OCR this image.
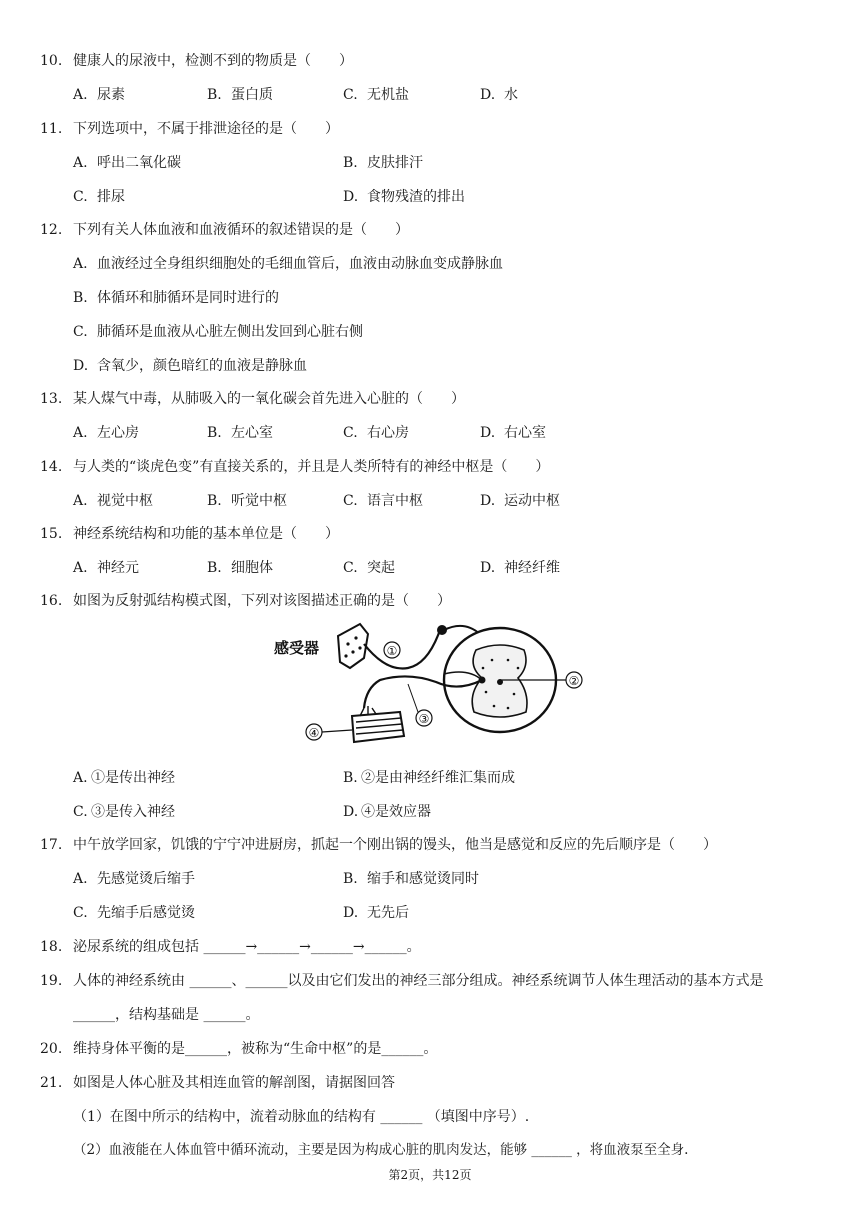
10. 健康人的尿液中，检测不到的物质是（　　）
A. 尿素	B. 蛋白质	C. 无机盐	D. 水
11. 下列选项中，不属于排泄途径的是（　　）
A. 呼出二氧化碳	B. 皮肤排汗
C. 排尿	D. 食物残渣的排出
12. 下列有关人体血液和血液循环的叙述错误的是（　　）
A. 血液经过全身组织细胞处的毛细血管后，血液由动脉血变成静脉血
B. 体循环和肺循环是同时进行的
C. 肺循环是血液从心脏左侧出发回到心脏右侧
D. 含氧少，颜色暗红的血液是静脉血
13. 某人煤气中毒，从肺吸入的一氧化碳会首先进入心脏的（　　）
A. 左心房	B. 左心室	C. 右心房	D. 右心室
14. 与人类的“谈虎色变”有直接关系的，并且是人类所特有的神经中枢是（　　）
A. 视觉中枢	B. 听觉中枢	C. 语言中枢	D. 运动中枢
15. 神经系统结构和功能的基本单位是（　　）
A. 神经元	B. 细胞体	C. 突起	D. 神经纤维
16. 如图为反射弧结构模式图，下列对该图描述正确的是（　　）
感受器	①
②
③
④
A. ①是传出神经	B. ②是由神经纤维汇集而成
C. ③是传入神经	D. ④是效应器
17. 中午放学回家，饥饿的宁宁冲进厨房，抓起一个刚出锅的馒头，他当是感觉和反应的先后顺序是（　　）
A. 先感觉烫后缩手	B. 缩手和感觉烫同时
C. 先缩手后感觉烫	D. 无先后
18. 泌尿系统的组成包括 ______→______→______→______。
19. 人体的神经系统由 ______、______以及由它们发出的神经三部分组成。神经系统调节人体生理活动的基本方式是
______，结构基础是 ______。
20. 维持身体平衡的是______，被称为“生命中枢”的是______。
21. 如图是人体心脏及其相连血管的解剖图，请据图回答
（1）在图中所示的结构中，流着动脉血的结构有 ______ （填图中序号）.
（2）血液能在人体血管中循环流动，主要是因为构成心脏的肌肉发达，能够 ______ ，将血液泵至全身.
第2页，共12页
